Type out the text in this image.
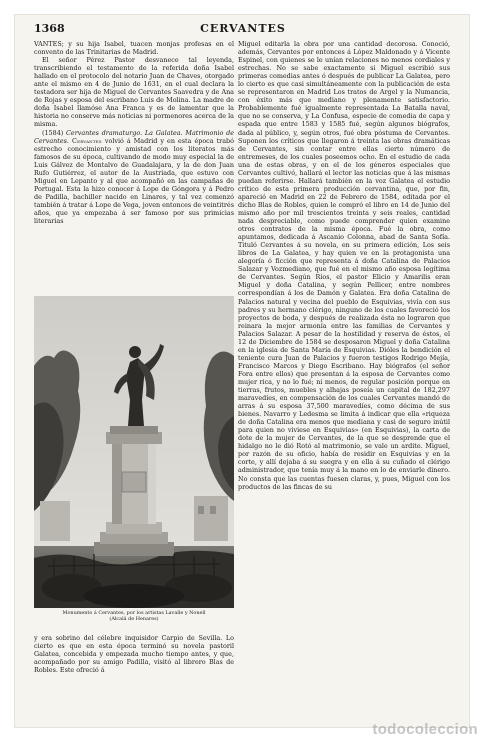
1368	CERVANTES

VANTES; y su hija Isabel, tuacen monjas profesas en el convento de las Trinitarias de Madrid.

El señor Pérez Pastor desvanece tal leyenda, transcribiendo el testamento de la referida doña Isabel hallado en el protocolo del notario Juan de Chaves, otorgado ante el mismo en 4 de Junio de 1631, en el cual declara la testadora ser hija de Miguel de Cervantes Saavedra y de Ana de Rojas y esposa del escribano Luis de Molina. La madre de doña Isabel llamóse Ana Franca y es de lamentar que la historia no conserve más noticias ni pormenores acerca de la misma.

(1584) Cervantes dramaturgo. La Galatea. Matrimonio de Cervantes. Cervantes volvió á Madrid y en esta época trabó estrecho conocimiento y amistad con los literatos más famosos de su época, cultivando de modo muy especial la de Luis Gálvez de Montalvo de Guadalajara, y la de don Juan Rufo Gutiérrez, el autor de la Austriada, que estuvo con Miguel en Lepanto y al que acompañó en las campañas de Portugal. Esta la hizo conocer á Lope de Góngora y á Pedro de Padilla, bachiller nacido en Linares, y tal vez comenzó también á tratar á Lope de Vega, joven entonces de veintitrés años, que ya empezaba á ser famoso por sus primicias literarias

Monumento á Cervantes, por los artistas Lavalle y Nonell
(Alcalá de Henares)

y era sobrino del célebre inquisidor Carpio de Sevilla. Lo cierto es que en esta época terminó su novela pastoril Galatea, concebida y empezada mucho tiempo antes, y que, acompañado por su amigo Padilla, visitó al librero Blas de Robles. Este ofreció á

Miguel editarla la obra por una cantidad decorosa. Conoció, además, Cervantes por entonces á López Maldonado y á Vicente Espinel, con quienes se le unían relaciones no menos cordiales y estrechas. No se sabe exactamente si Miguel escribió sus primeras comedias antes ó después de publicar La Galatea, pero lo cierto es que casi simultáneamente con la publicación de esta se representaron en Madrid Los tratos de Argel y la Numancia, con éxito más que mediano y plenamente satisfactorio. Probablemente fué igualmente representada La Batalla naval, que no se conserva, y La Confusa, especie de comedia de capa y espada que entre 1583 y 1585 fué, según algunos biógrafos, dada al público, y, según otros, fué obra póstuma de Cervantes. Suponen los críticos que llegaron á treinta las obras dramáticas de Cervantes, sin contar entre ellas cierto número de entremeses, de los cuales poseemos ocho. En el estudio de cada una de estas obras, y en el de los géneros especiales que Cervantes cultivó, hallará el lector las noticias que á las mismas puedan referirse. Hallará también en la voz Galatea el estudio crítico de esta primera producción cervantina, que, por fin, apareció en Madrid en 22 de Febrero de 1584, editada por el dicho Blas de Robles, quien le compró el libro en 14 de Junio del mismo año por mil trescientos treinta y seis reales, cantidad nada despreciable, como puede comprender quien examine otros contratos de la misma época. Fué la obra, como apuntamos, dedicada á Ascanio Colonna, abad de Santa Sofía. Tituló Cervantes á su novela, en su primera edición, Los seis libros de La Galatea, y hay quien ve en la protagonista una alegoría ó ficción que representa á doña Catalina de Palacios Salazar y Vozmediano, que fué en el mismo año esposa legítima de Cervantes. Según Ríos, el pastor Elicio y Amarilis eran Miguel y doña Catalina, y según Pellicer, entre nombres correspondían á los de Damón y Galatea. Era doña Catalina de Palacios natural y vecina del pueblo de Esquivias, vivía con sus padres y su hermano clérigo, ninguno de los cuales favoreció los proyectos de boda, y después de realizada ésta no lograron que reinara la mejor armonía entre las familias de Cervantes y Palacios Salazar. A pesar de la hostilidad y reserva de éstos, el 12 de Diciembre de 1584 se desposaron Miguel y doña Catalina en la iglesia de Santa María de Esquivias. Dióles la bendición el teniente cura Juan de Palacios y fueron testigos Rodrigo Mejía, Francisco Marcos y Diego Escribano. Hay biógrafos (el señor Fora entre ellos) que presentan á la esposa de Cervantes como mujer rica, y no lo fué; ni menos, de regular posición porque en tierras, frutos, muebles y alhajas poseía un capital de 182,297 maravedíes, en compensación de los cuales Cervantes mandó de arras á su esposa 37,500 maravedíes, como décima de sus bienes. Navarro y Ledesma se limita á indicar que ella «riqueza de doña Catalina era menos que mediana y casi de seguro inútil para quien no viviese en Esquivias» (en Esquivias), la carta de dote de la mujer de Cervantes, de la que se desprende que el hidalgo no le dió Rotó al matrimonio, se vale un ardite. Miguel, por razón de su oficio, había de residir en Esquivias y en la corte, y allí dejaba á su suegra y en ella á su cuñado el clérigo administrador, que tenía muy á la mano en lo de enviarle dinero. No consta que las cuentas fuesen claras, y, pues, Miguel con los productos de las fincas de su

todocoleccion
